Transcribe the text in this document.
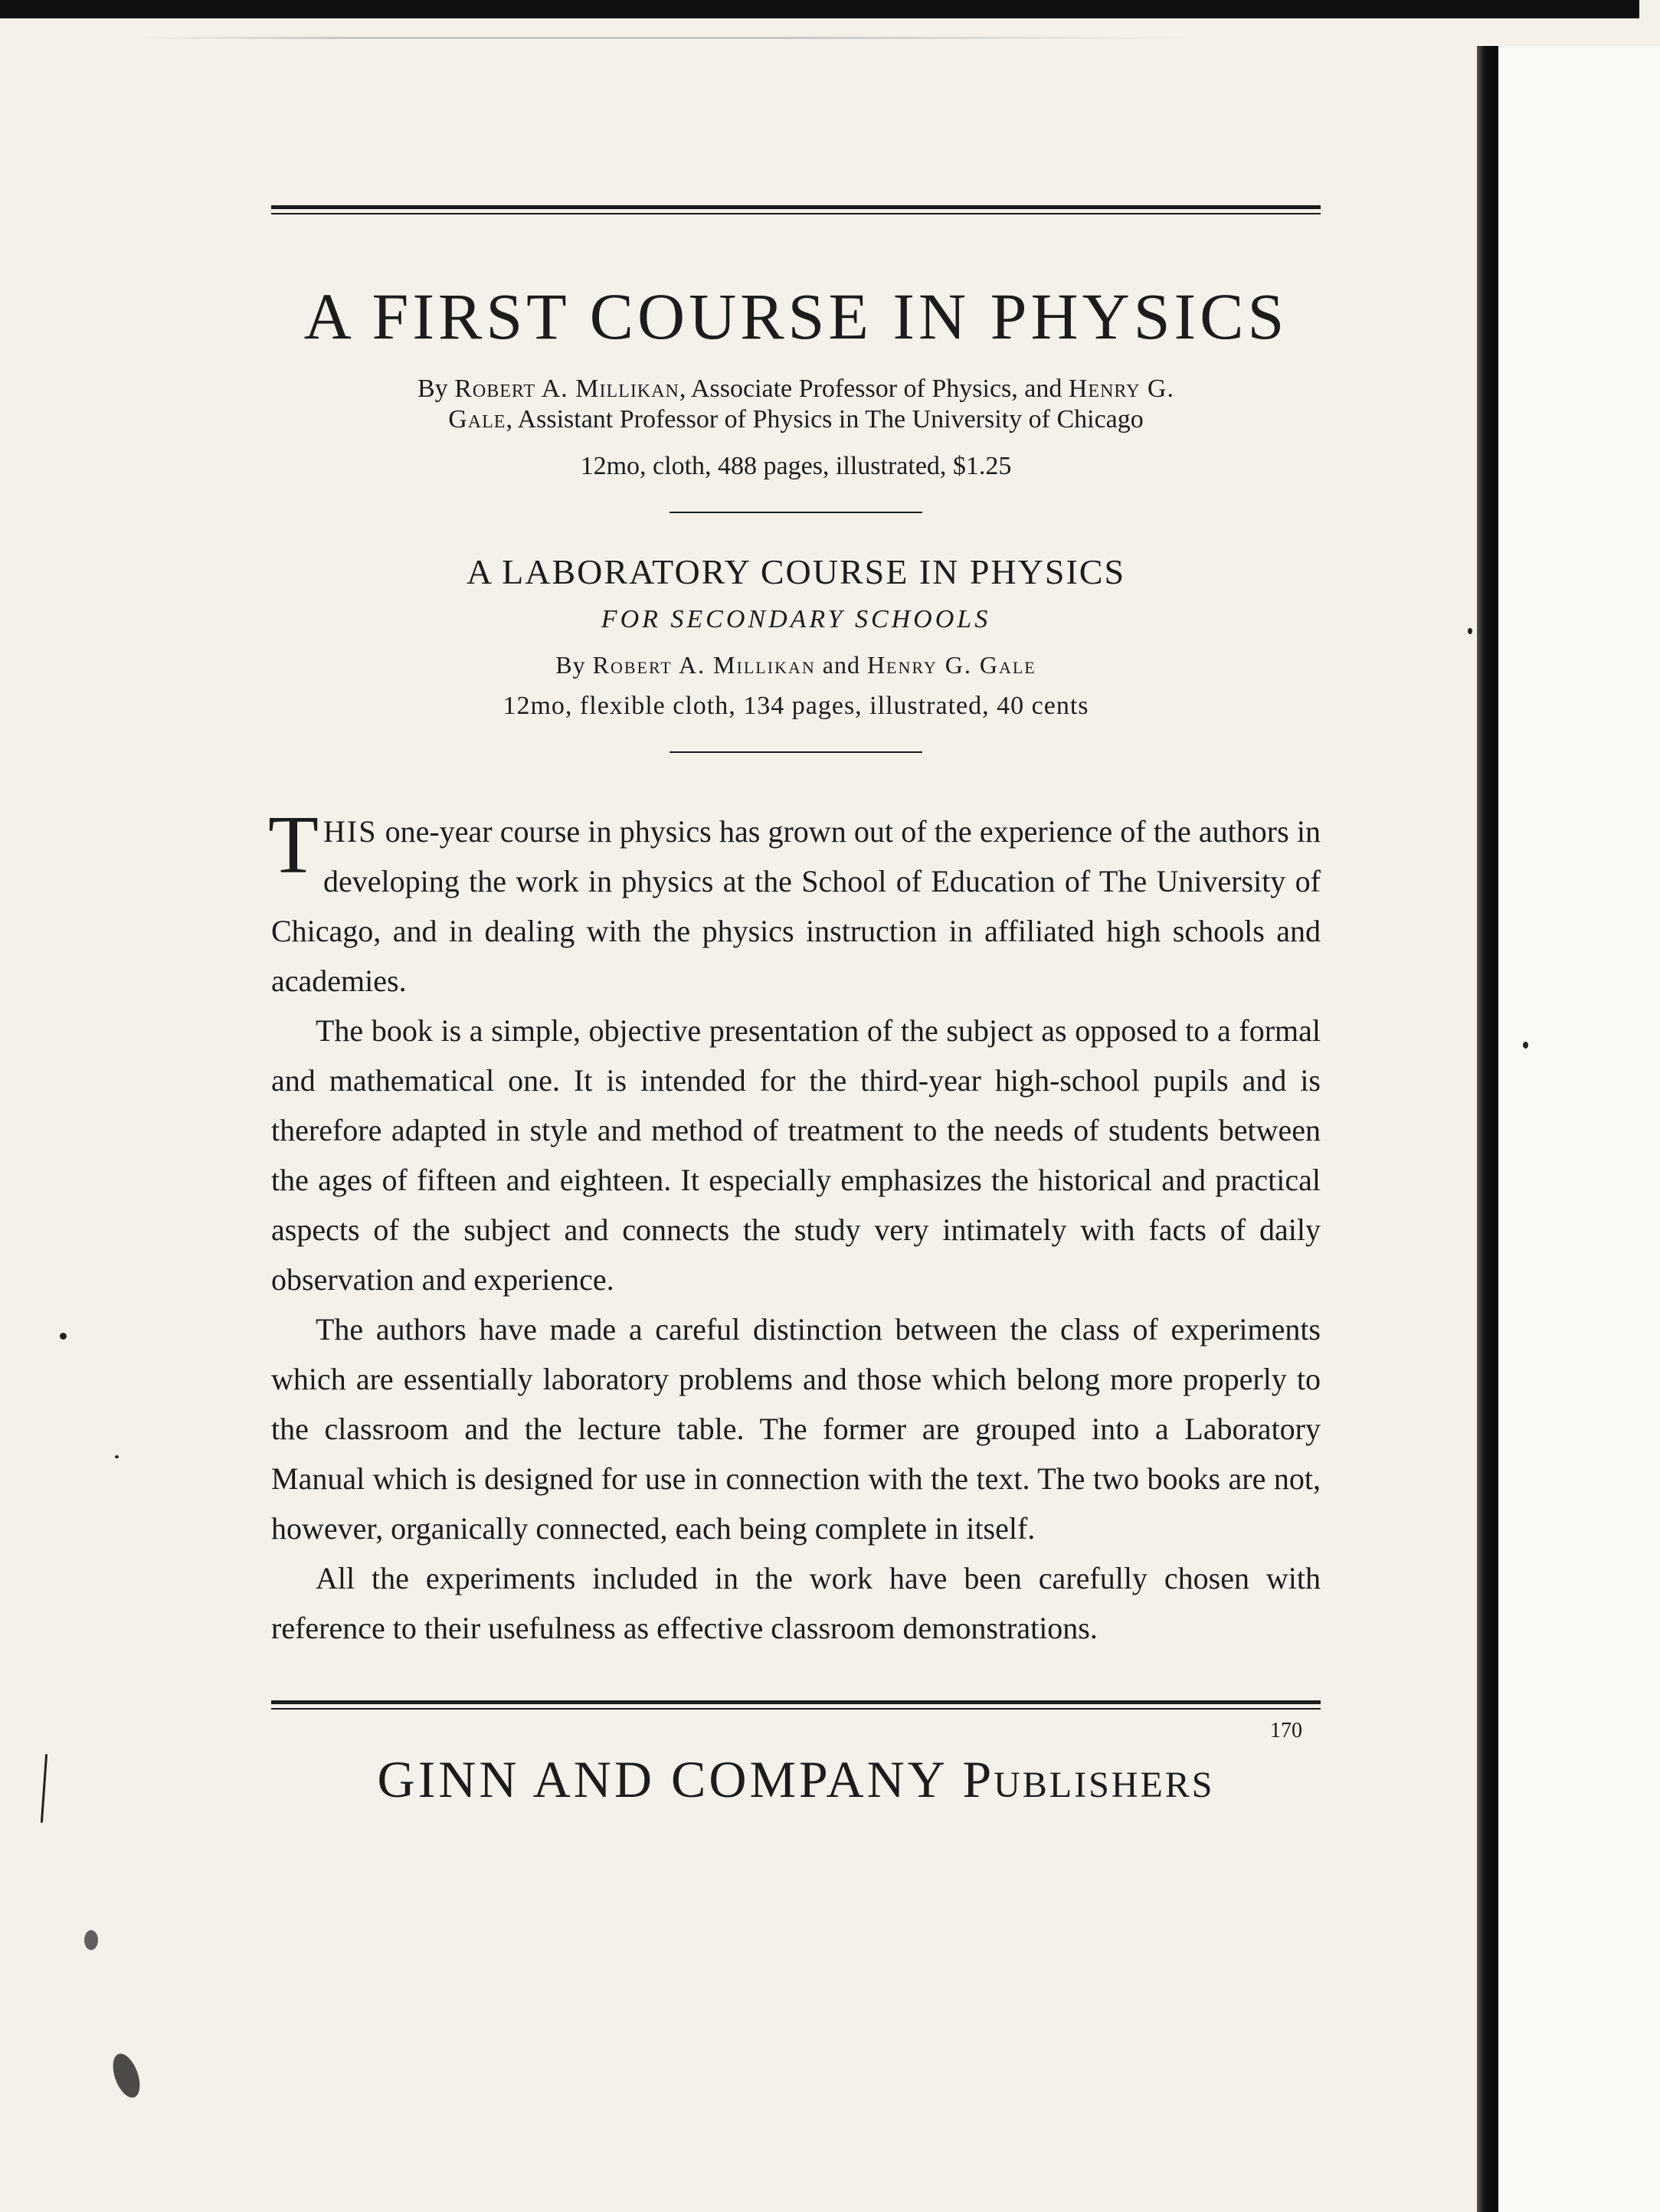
A FIRST COURSE IN PHYSICS
By Robert A. Millikan, Associate Professor of Physics, and Henry G.
Gale, Assistant Professor of Physics in The University of Chicago
12mo, cloth, 488 pages, illustrated, $1.25
A LABORATORY COURSE IN PHYSICS
FOR SECONDARY SCHOOLS
By Robert A. Millikan and Henry G. Gale
12mo, flexible cloth, 134 pages, illustrated, 40 cents

THIS one-year course in physics has grown out of the experience of the authors in developing the work in physics at the School of Education of The University of Chicago, and in dealing with the physics instruction in affiliated high schools and academies.

The book is a simple, objective presentation of the subject as opposed to a formal and mathematical one. It is intended for the third-year high-school pupils and is therefore adapted in style and method of treatment to the needs of students between the ages of fifteen and eighteen. It especially emphasizes the historical and practical aspects of the subject and connects the study very intimately with facts of daily observation and experience.

The authors have made a careful distinction between the class of experiments which are essentially laboratory problems and those which belong more properly to the classroom and the lecture table. The former are grouped into a Laboratory Manual which is designed for use in connection with the text. The two books are not, however, organically connected, each being complete in itself.

All the experiments included in the work have been carefully chosen with reference to their usefulness as effective classroom demonstrations.

170
GINN AND COMPANY Publishers
